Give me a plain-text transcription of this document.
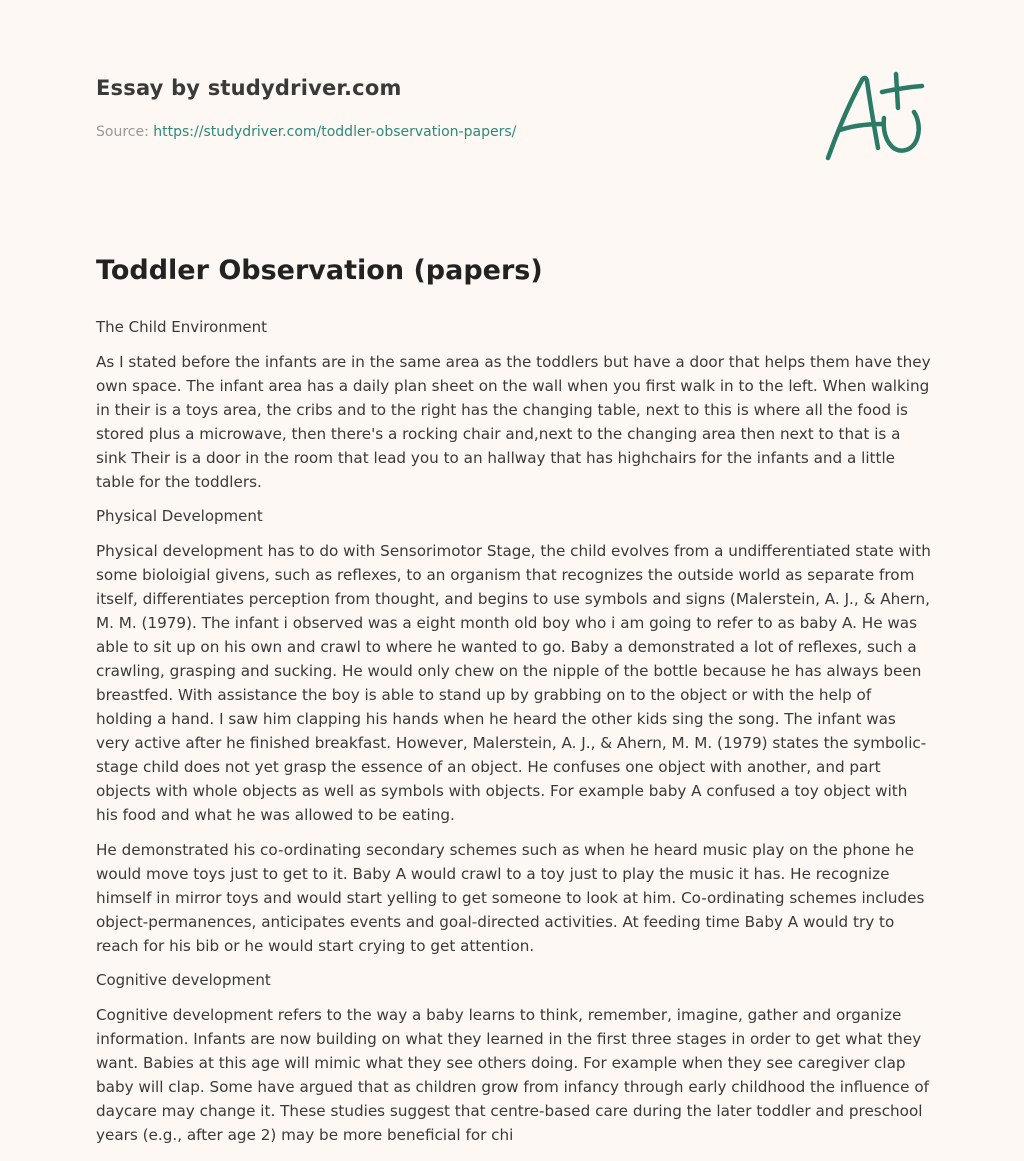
Essay by studydriver.com
Source: https://studydriver.com/toddler-observation-papers/
Toddler Observation (papers)
The Child Environment

As I stated before the infants are in the same area as the toddlers but have a door that helps them have they own space. The infant area has a daily plan sheet on the wall when you first walk in to the left. When walking in their is a toys area, the cribs and to the right has the changing table, next to this is where all the food is stored plus a microwave, then there's a rocking chair and,next to the changing area then next to that is a sink Their is a door in the room that lead you to an hallway that has highchairs for the infants and a little table for the toddlers.

Physical Development

Physical development has to do with Sensorimotor Stage, the child evolves from a undifferentiated state with some bioloigial givens, such as reflexes, to an organism that recognizes the outside world as separate from itself, differentiates perception from thought, and begins to use symbols and signs (Malerstein, A. J., & Ahern, M. M. (1979). The infant i observed was a eight month old boy who i am going to refer to as baby A. He was able to sit up on his own and crawl to where he wanted to go. Baby a demonstrated a lot of reflexes, such a crawling, grasping and sucking. He would only chew on the nipple of the bottle because he has always been breastfed. With assistance the boy is able to stand up by grabbing on to the object or with the help of holding a hand. I saw him clapping his hands when he heard the other kids sing the song. The infant was very active after he finished breakfast. However, Malerstein, A. J., & Ahern, M. M. (1979) states the symbolic-stage child does not yet grasp the essence of an object. He confuses one object with another, and part objects with whole objects as well as symbols with objects. For example baby A confused a toy object with his food and what he was allowed to be eating.

He demonstrated his co-ordinating secondary schemes such as when he heard music play on the phone he would move toys just to get to it. Baby A would crawl to a toy just to play the music it has. He recognize himself in mirror toys and would start yelling to get someone to look at him. Co-ordinating schemes includes object-permanences, anticipates events and goal-directed activities. At feeding time Baby A would try to reach for his bib or he would start crying to get attention.

Cognitive development

Cognitive development refers to the way a baby learns to think, remember, imagine, gather and organize information. Infants are now building on what they learned in the first three stages in order to get what they want. Babies at this age will mimic what they see others doing. For example when they see caregiver clap baby will clap. Some have argued that as children grow from infancy through early childhood the influence of daycare may change it. These studies suggest that centre-based care during the later toddler and preschool years (e.g., after age 2) may be more beneficial for chi
